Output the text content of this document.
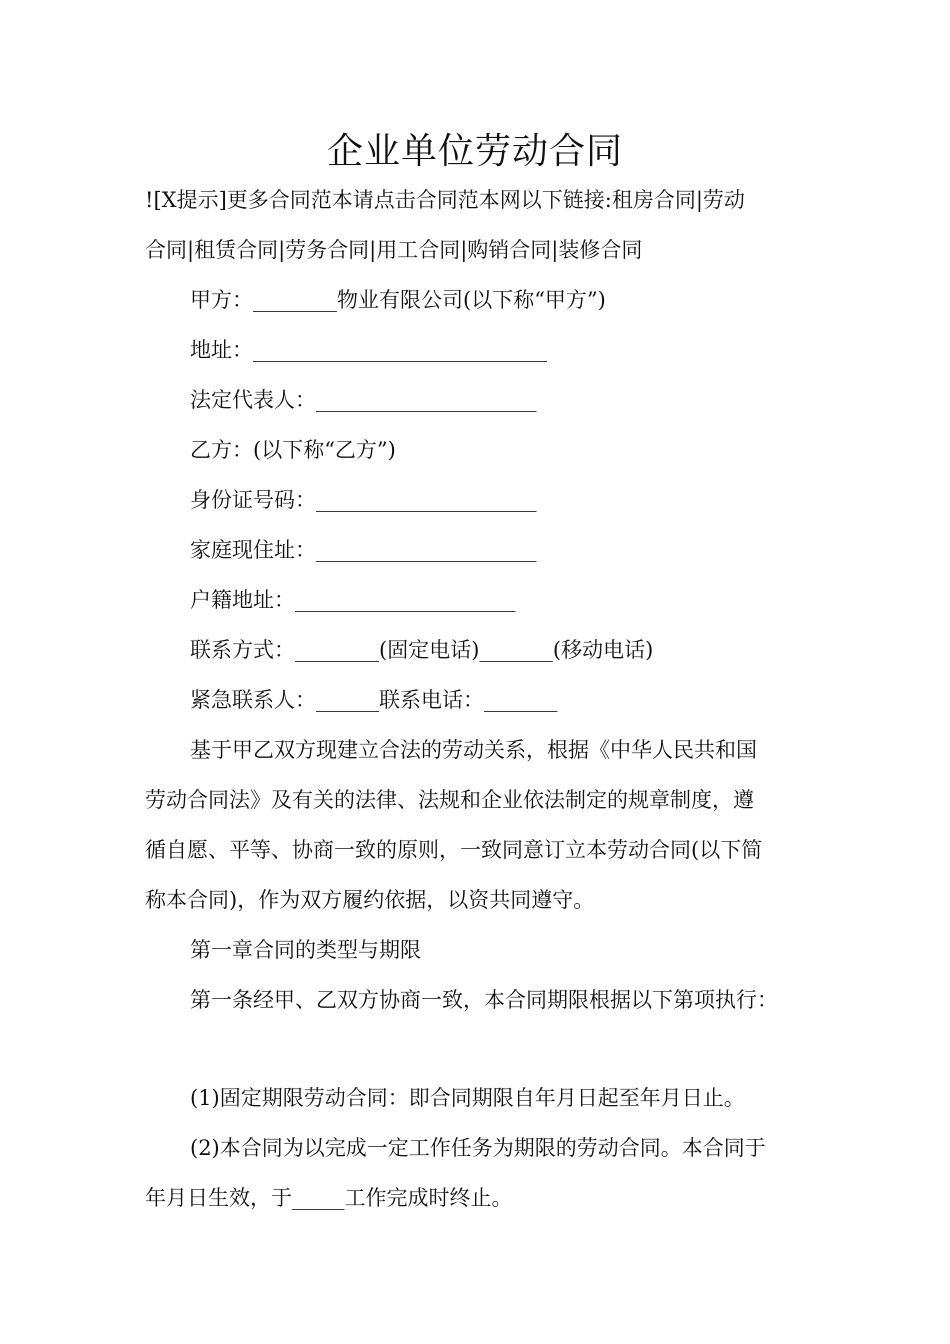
企业单位劳动合同
![X提示]更多合同范本请点击合同范本网以下链接:租房合同|劳动
合同|租赁合同|劳务合同|用工合同|购销合同|装修合同
甲方：________物业有限公司(以下称“甲方”)
地址：____________________________
法定代表人：_____________________
乙方：(以下称“乙方”)
身份证号码：_____________________
家庭现住址：_____________________
户籍地址：_____________________
联系方式：________(固定电话)_______(移动电话)
紧急联系人：______联系电话：_______
基于甲乙双方现建立合法的劳动关系，根据《中华人民共和国
劳动合同法》及有关的法律、法规和企业依法制定的规章制度，遵
循自愿、平等、协商一致的原则，一致同意订立本劳动合同(以下简
称本合同)，作为双方履约依据，以资共同遵守。
第一章合同的类型与期限
第一条经甲、乙双方协商一致，本合同期限根据以下第项执行：
(1)固定期限劳动合同：即合同期限自年月日起至年月日止。
(2)本合同为以完成一定工作任务为期限的劳动合同。本合同于
年月日生效，于_____工作完成时终止。
